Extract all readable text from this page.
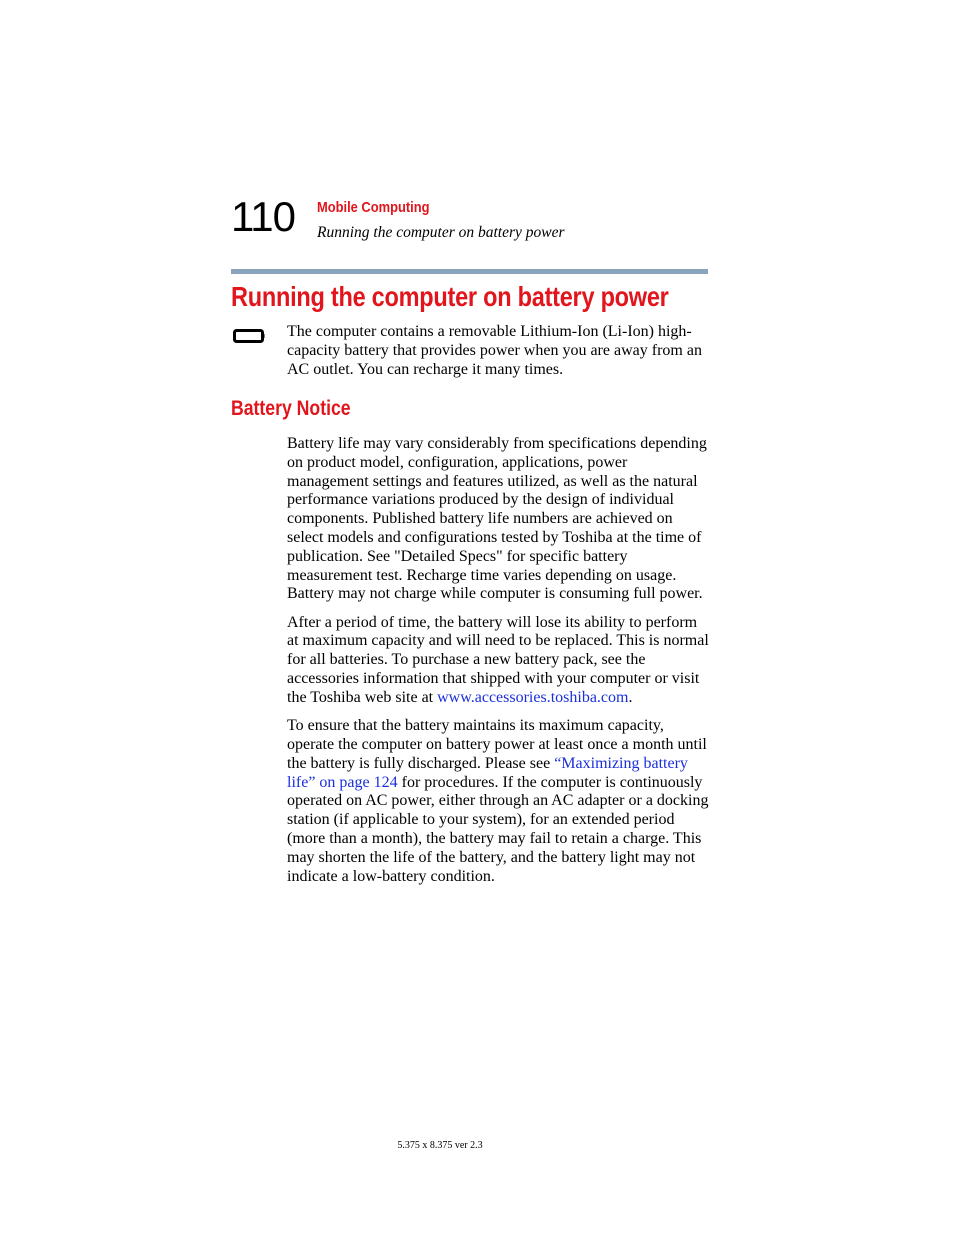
110 Mobile Computing
Running the computer on battery power
Running the computer on battery power

The computer contains a removable Lithium-Ion (Li-Ion) high-capacity battery that provides power when you are away from an AC outlet. You can recharge it many times.

Battery Notice

Battery life may vary considerably from specifications depending on product model, configuration, applications, power management settings and features utilized, as well as the natural performance variations produced by the design of individual components. Published battery life numbers are achieved on select models and configurations tested by Toshiba at the time of publication. See "Detailed Specs" for specific battery measurement test. Recharge time varies depending on usage. Battery may not charge while computer is consuming full power.

After a period of time, the battery will lose its ability to perform at maximum capacity and will need to be replaced. This is normal for all batteries. To purchase a new battery pack, see the accessories information that shipped with your computer or visit the Toshiba web site at www.accessories.toshiba.com.

To ensure that the battery maintains its maximum capacity, operate the computer on battery power at least once a month until the battery is fully discharged. Please see “Maximizing battery life” on page 124 for procedures. If the computer is continuously operated on AC power, either through an AC adapter or a docking station (if applicable to your system), for an extended period (more than a month), the battery may fail to retain a charge. This may shorten the life of the battery, and the battery light may not indicate a low-battery condition.

5.375 x 8.375 ver 2.3
